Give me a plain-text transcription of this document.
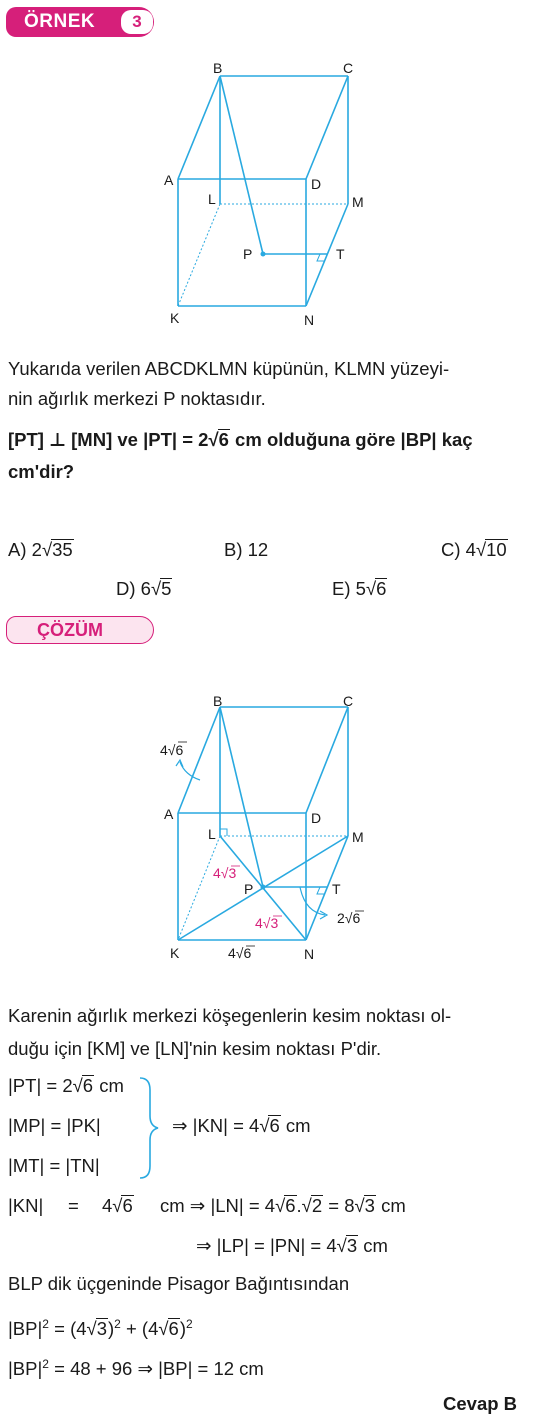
ÖRNEK	3
B	C
A	D
L	M
P	T
K	N
Yukarıda verilen ABCDKLMN küpünün, KLMN yüzeyi-
nin ağırlık merkezi P noktasıdır.
[PT] ⊥ [MN] ve |PT| = 2√ 6 cm olduğuna göre |BP| kaç
cm'dir?
A) 2√ 35	B) 12	C) 4√ 10
D) 6√ 5	E) 5√ 6
ÇÖZÜM
B	C
A	D
L	M
P	T
K	N
4√6
4√3
4√3
4√6
2√6
Karenin ağırlık merkezi köşegenlerin kesim noktası ol-
duğu için [KM] ve [LN]'nin kesim noktası P'dir.
|PT| = 2√ 6 cm
|MP| = |PK|
|MT| = |TN|
⇒ |KN| = 4√ 6 cm
|KN| = 4√ 6 cm ⇒ |LN| = 4√ 6.√ 2 = 8√ 3 cm
⇒ |LP| = |PN| = 4√ 3 cm
BLP dik üçgeninde Pisagor Bağıntısından
$|BP|^2 = (4√$ 3)$^2$ + (4√ 6)$^2$
$|BP|^2 = 48 + 96$ ⇒ |BP| = 12 cm
Cevap B
